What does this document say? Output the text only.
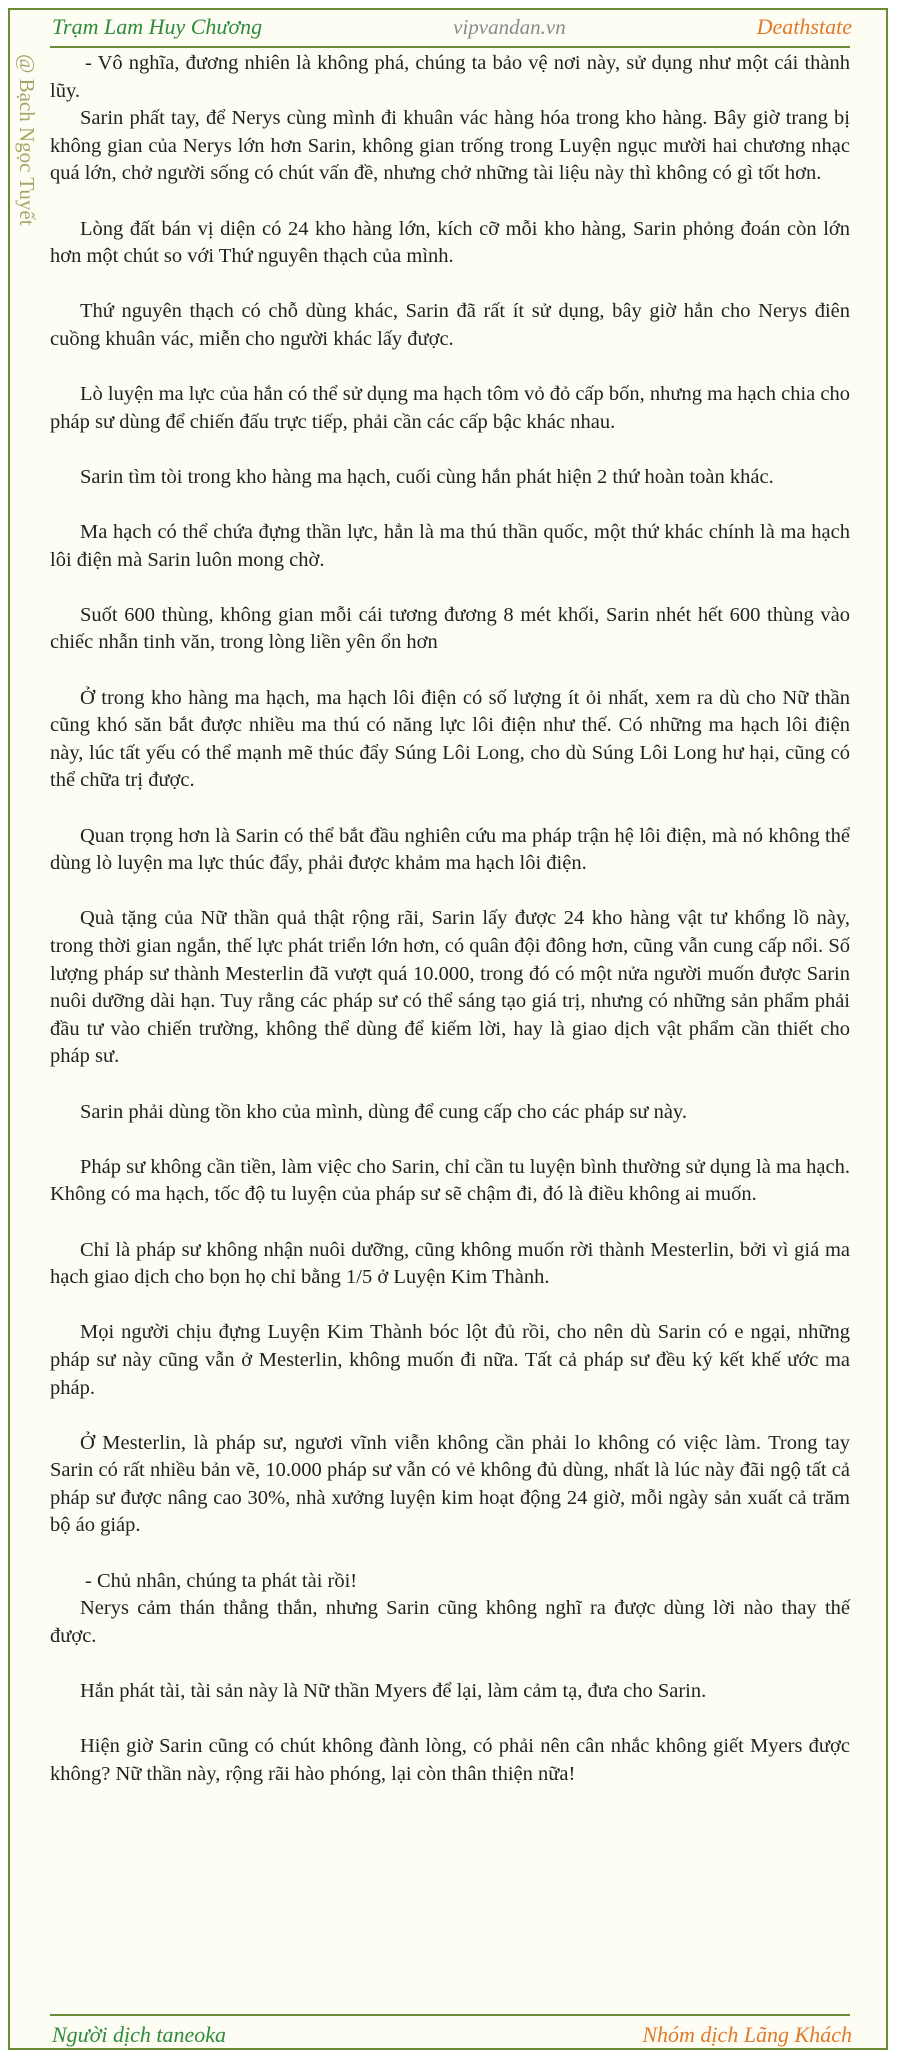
Trạm Lam Huy Chương	vipvandan.vn	Deathstate
@ Bạch Ngọc Tuyết	- Vô nghĩa, đương nhiên là không phá, chúng ta bảo vệ nơi này, sử dụng như một cái thành lũy.

Sarin phất tay, để Nerys cùng mình đi khuân vác hàng hóa trong kho hàng. Bây giờ trang bị không gian của Nerys lớn hơn Sarin, không gian trống trong Luyện ngục mười hai chương nhạc quá lớn, chở người sống có chút vấn đề, nhưng chở những tài liệu này thì không có gì tốt hơn.

Lòng đất bán vị diện có 24 kho hàng lớn, kích cỡ mỗi kho hàng, Sarin phỏng đoán còn lớn hơn một chút so với Thứ nguyên thạch của mình.

Thứ nguyên thạch có chỗ dùng khác, Sarin đã rất ít sử dụng, bây giờ hắn cho Nerys điên cuồng khuân vác, miễn cho người khác lấy được.

Lò luyện ma lực của hắn có thể sử dụng ma hạch tôm vỏ đỏ cấp bốn, nhưng ma hạch chia cho pháp sư dùng để chiến đấu trực tiếp, phải cần các cấp bậc khác nhau.

Sarin tìm tòi trong kho hàng ma hạch, cuối cùng hắn phát hiện 2 thứ hoàn toàn khác.

Ma hạch có thể chứa đựng thần lực, hẳn là ma thú thần quốc, một thứ khác chính là ma hạch lôi điện mà Sarin luôn mong chờ.

Suốt 600 thùng, không gian mỗi cái tương đương 8 mét khối, Sarin nhét hết 600 thùng vào chiếc nhẫn tinh văn, trong lòng liền yên ổn hơn

Ở trong kho hàng ma hạch, ma hạch lôi điện có số lượng ít ỏi nhất, xem ra dù cho Nữ thần cũng khó săn bắt được nhiều ma thú có năng lực lôi điện như thế. Có những ma hạch lôi điện này, lúc tất yếu có thể mạnh mẽ thúc đẩy Súng Lôi Long, cho dù Súng Lôi Long hư hại, cũng có thể chữa trị được.

Quan trọng hơn là Sarin có thể bắt đầu nghiên cứu ma pháp trận hệ lôi điện, mà nó không thể dùng lò luyện ma lực thúc đẩy, phải được khảm ma hạch lôi điện.

Quà tặng của Nữ thần quả thật rộng rãi, Sarin lấy được 24 kho hàng vật tư khổng lồ này, trong thời gian ngắn, thế lực phát triển lớn hơn, có quân đội đông hơn, cũng vẫn cung cấp nổi. Số lượng pháp sư thành Mesterlin đã vượt quá 10.000, trong đó có một nửa người muốn được Sarin nuôi dưỡng dài hạn. Tuy rằng các pháp sư có thể sáng tạo giá trị, nhưng có những sản phẩm phải đầu tư vào chiến trường, không thể dùng để kiếm lời, hay là giao dịch vật phẩm cần thiết cho pháp sư.

Sarin phải dùng tồn kho của mình, dùng để cung cấp cho các pháp sư này.

Pháp sư không cần tiền, làm việc cho Sarin, chỉ cần tu luyện bình thường sử dụng là ma hạch. Không có ma hạch, tốc độ tu luyện của pháp sư sẽ chậm đi, đó là điều không ai muốn.

Chỉ là pháp sư không nhận nuôi dưỡng, cũng không muốn rời thành Mesterlin, bởi vì giá ma hạch giao dịch cho bọn họ chỉ bằng 1/5 ở Luyện Kim Thành.

Mọi người chịu đựng Luyện Kim Thành bóc lột đủ rồi, cho nên dù Sarin có e ngại, những pháp sư này cũng vẫn ở Mesterlin, không muốn đi nữa. Tất cả pháp sư đều ký kết khế ước ma pháp.

Ở Mesterlin, là pháp sư, ngươi vĩnh viễn không cần phải lo không có việc làm. Trong tay Sarin có rất nhiều bản vẽ, 10.000 pháp sư vẫn có vẻ không đủ dùng, nhất là lúc này đãi ngộ tất cả pháp sư được nâng cao 30%, nhà xưởng luyện kim hoạt động 24 giờ, mỗi ngày sản xuất cả trăm bộ áo giáp.

- Chủ nhân, chúng ta phát tài rồi!

Nerys cảm thán thẳng thắn, nhưng Sarin cũng không nghĩ ra được dùng lời nào thay thế được.

Hắn phát tài, tài sản này là Nữ thần Myers để lại, làm cảm tạ, đưa cho Sarin.

Hiện giờ Sarin cũng có chút không đành lòng, có phải nên cân nhắc không giết Myers được không? Nữ thần này, rộng rãi hào phóng, lại còn thân thiện nữa!

Người dịch taneoka	Nhóm dịch Lãng Khách
